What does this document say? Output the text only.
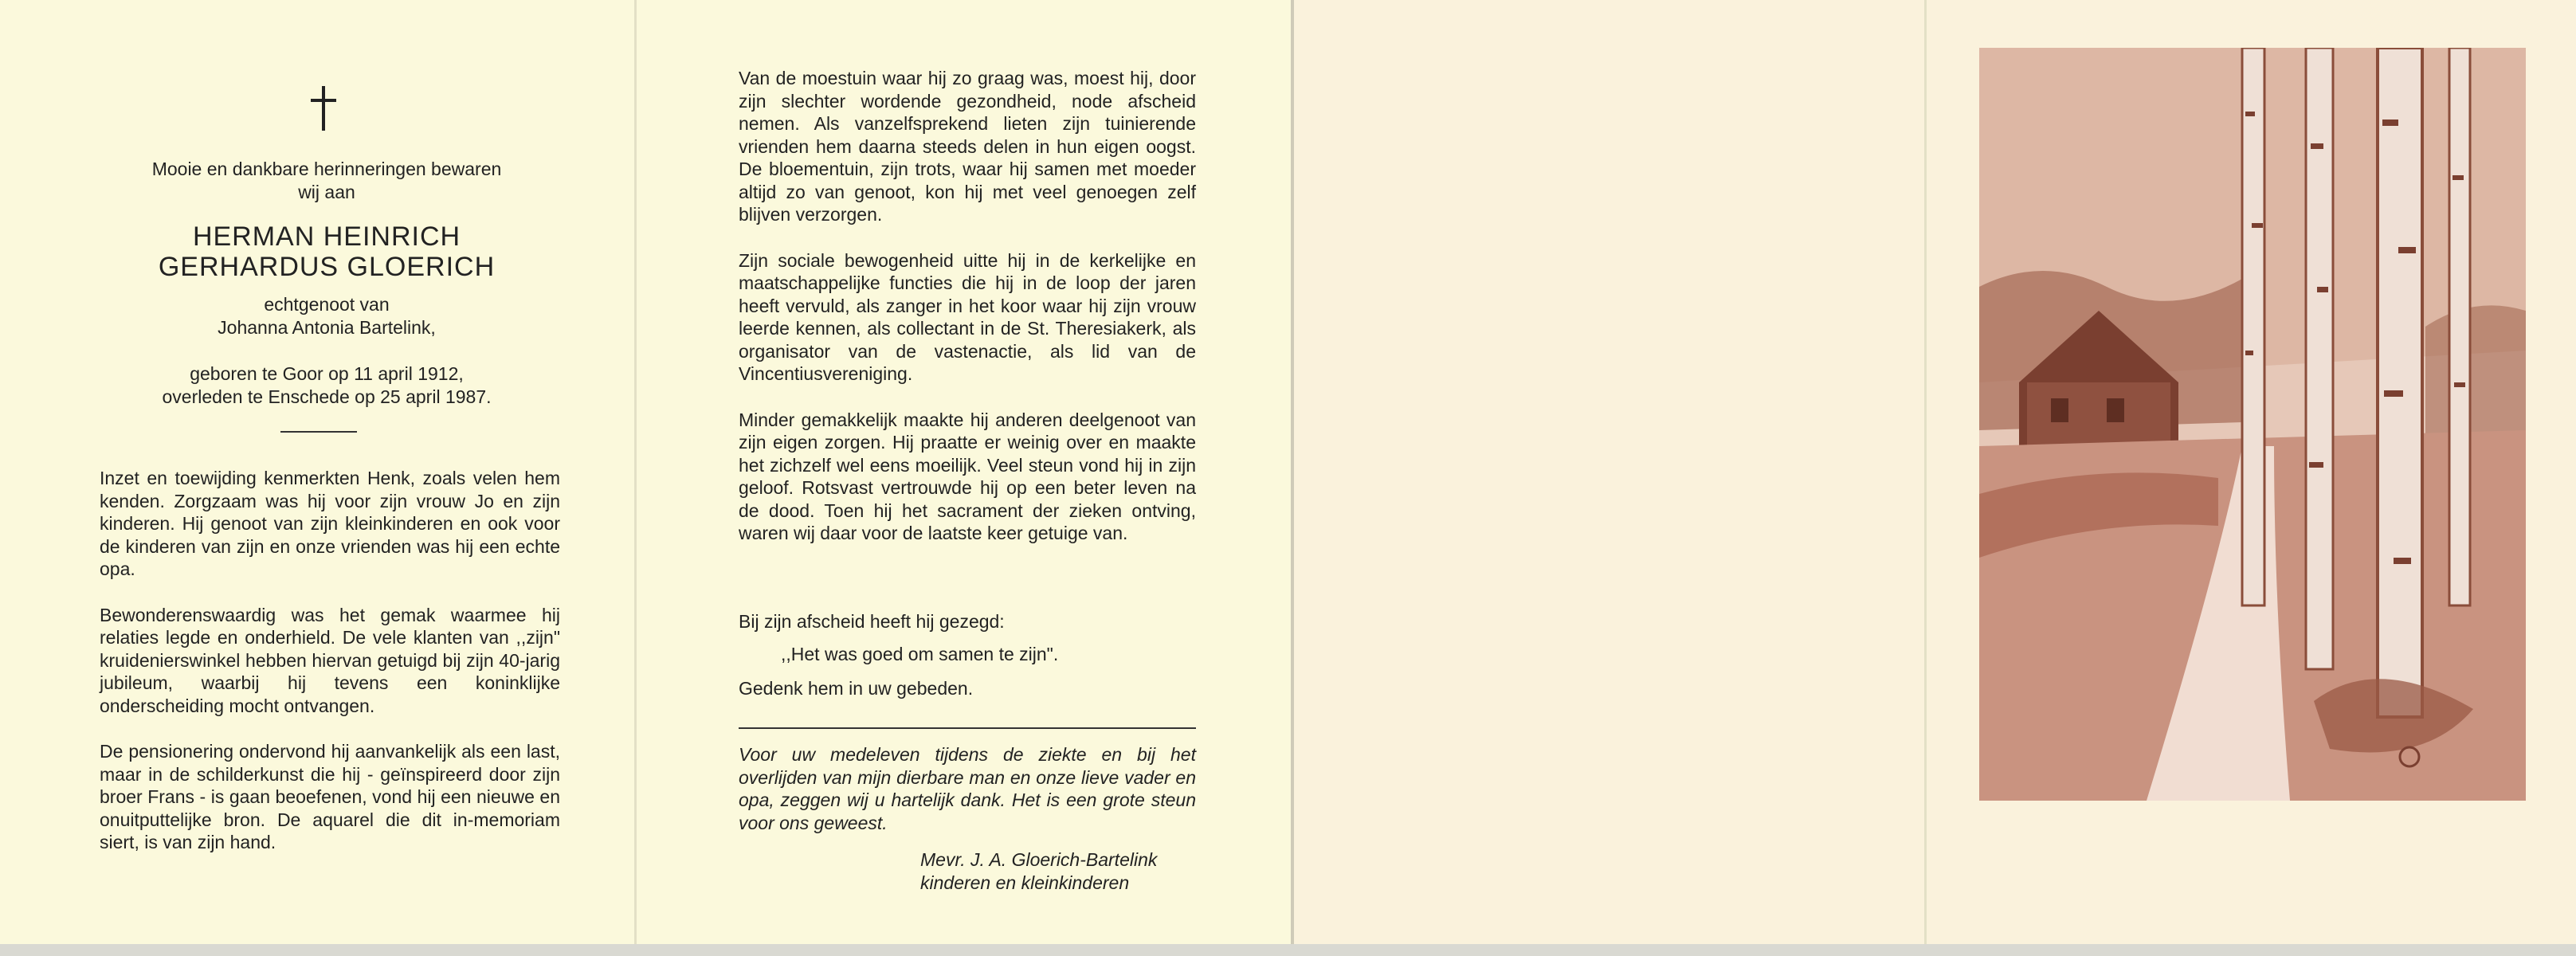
Mooie en dankbare herinneringen bewaren
wij aan
HERMAN HEINRICH
GERHARDUS GLOERICH
echtgenoot van
Johanna Antonia Bartelink,
geboren te Goor op 11 april 1912,
overleden te Enschede op 25 april 1987.

Inzet en toewijding kenmerkten Henk, zoals velen hem kenden. Zorgzaam was hij voor zijn vrouw Jo en zijn kinderen. Hij genoot van zijn kleinkinderen en ook voor de kinderen van zijn en onze vrienden was hij een echte opa.

Bewonderenswaardig was het gemak waarmee hij relaties legde en onderhield. De vele klanten van ,,zijn" kruidenierswinkel hebben hiervan getuigd bij zijn 40-jarig jubileum, waarbij hij tevens een koninklijke onderscheiding mocht ontvangen.

De pensionering ondervond hij aanvankelijk als een last, maar in de schilderkunst die hij - geïnspireerd door zijn broer Frans - is gaan beoefenen, vond hij een nieuwe en onuitputtelijke bron. De aquarel die dit in-memoriam siert, is van zijn hand.

Van de moestuin waar hij zo graag was, moest hij, door zijn slechter wordende gezondheid, node afscheid nemen. Als vanzelfsprekend lieten zijn tuinierende vrienden hem daarna steeds delen in hun eigen oogst. De bloementuin, zijn trots, waar hij samen met moeder altijd zo van genoot, kon hij met veel genoegen zelf blijven verzorgen.

Zijn sociale bewogenheid uitte hij in de kerkelijke en maatschappelijke functies die hij in de loop der jaren heeft vervuld, als zanger in het koor waar hij zijn vrouw leerde kennen, als collectant in de St. Theresiakerk, als organisator van de vastenactie, als lid van de Vincentiusvereniging.

Minder gemakkelijk maakte hij anderen deelgenoot van zijn eigen zorgen. Hij praatte er weinig over en maakte het zichzelf wel eens moeilijk. Veel steun vond hij in zijn geloof. Rotsvast vertrouwde hij op een beter leven na de dood. Toen hij het sacrament der zieken ontving, waren wij daar voor de laatste keer getuige van.

Bij zijn afscheid heeft hij gezegd:
,,Het was goed om samen te zijn".
Gedenk hem in uw gebeden.
Voor uw medeleven tijdens de ziekte en bij het overlijden van mijn dierbare man en onze lieve vader en opa, zeggen wij u hartelijk dank. Het is een grote steun voor ons geweest.
Mevr. J. A. Gloerich-Bartelink
kinderen en kleinkinderen
